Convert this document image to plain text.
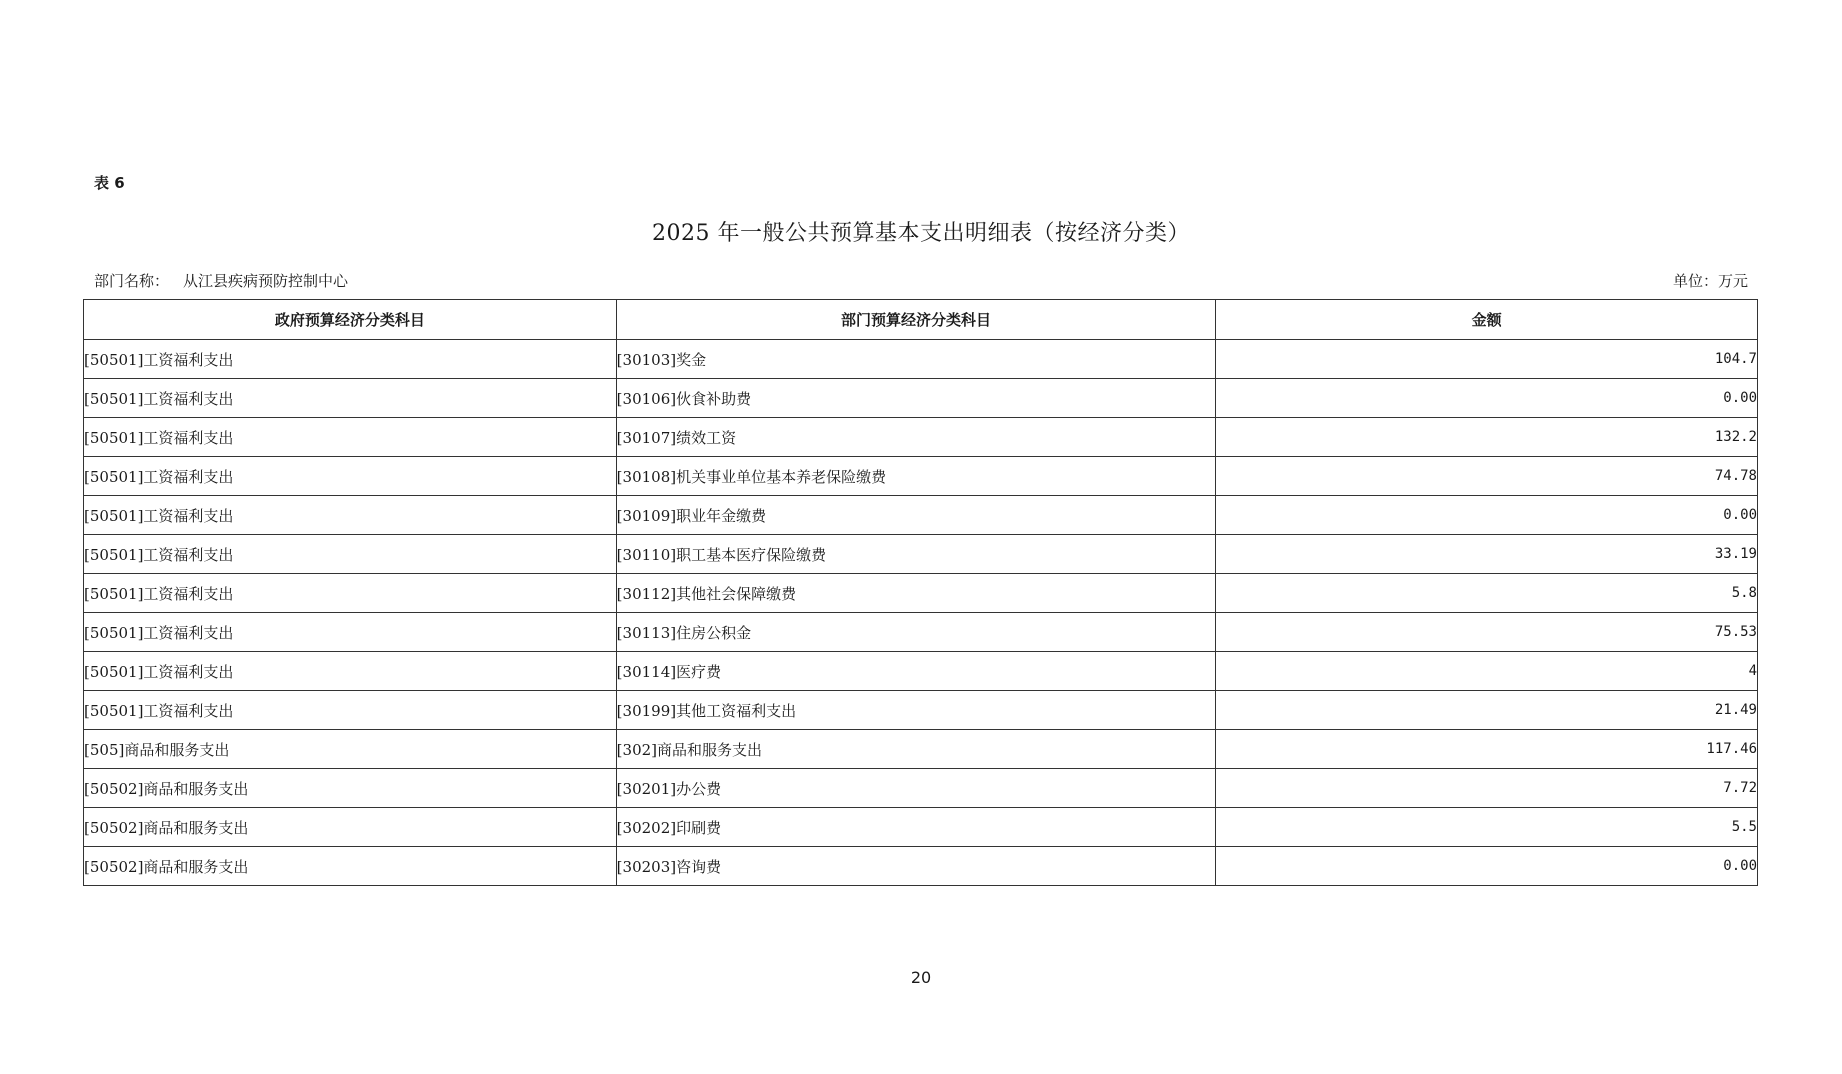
表 6
2025 年一般公共预算基本支出明细表（按经济分类）
部门名称： 从江县疾病预防控制中心	单位：万元
政府预算经济分类科目	部门预算经济分类科目	金额
[50501]工资福利支出	[30103]奖金	104.7
[50501]工资福利支出	[30106]伙食补助费	0.00
[50501]工资福利支出	[30107]绩效工资	132.2
[50501]工资福利支出	[30108]机关事业单位基本养老保险缴费	74.78
[50501]工资福利支出	[30109]职业年金缴费	0.00
[50501]工资福利支出	[30110]职工基本医疗保险缴费	33.19
[50501]工资福利支出	[30112]其他社会保障缴费	5.8
[50501]工资福利支出	[30113]住房公积金	75.53
[50501]工资福利支出	[30114]医疗费	4
[50501]工资福利支出	[30199]其他工资福利支出	21.49
[505]商品和服务支出	[302]商品和服务支出	117.46
[50502]商品和服务支出	[30201]办公费	7.72
[50502]商品和服务支出	[30202]印刷费	5.5
[50502]商品和服务支出	[30203]咨询费	0.00
20
